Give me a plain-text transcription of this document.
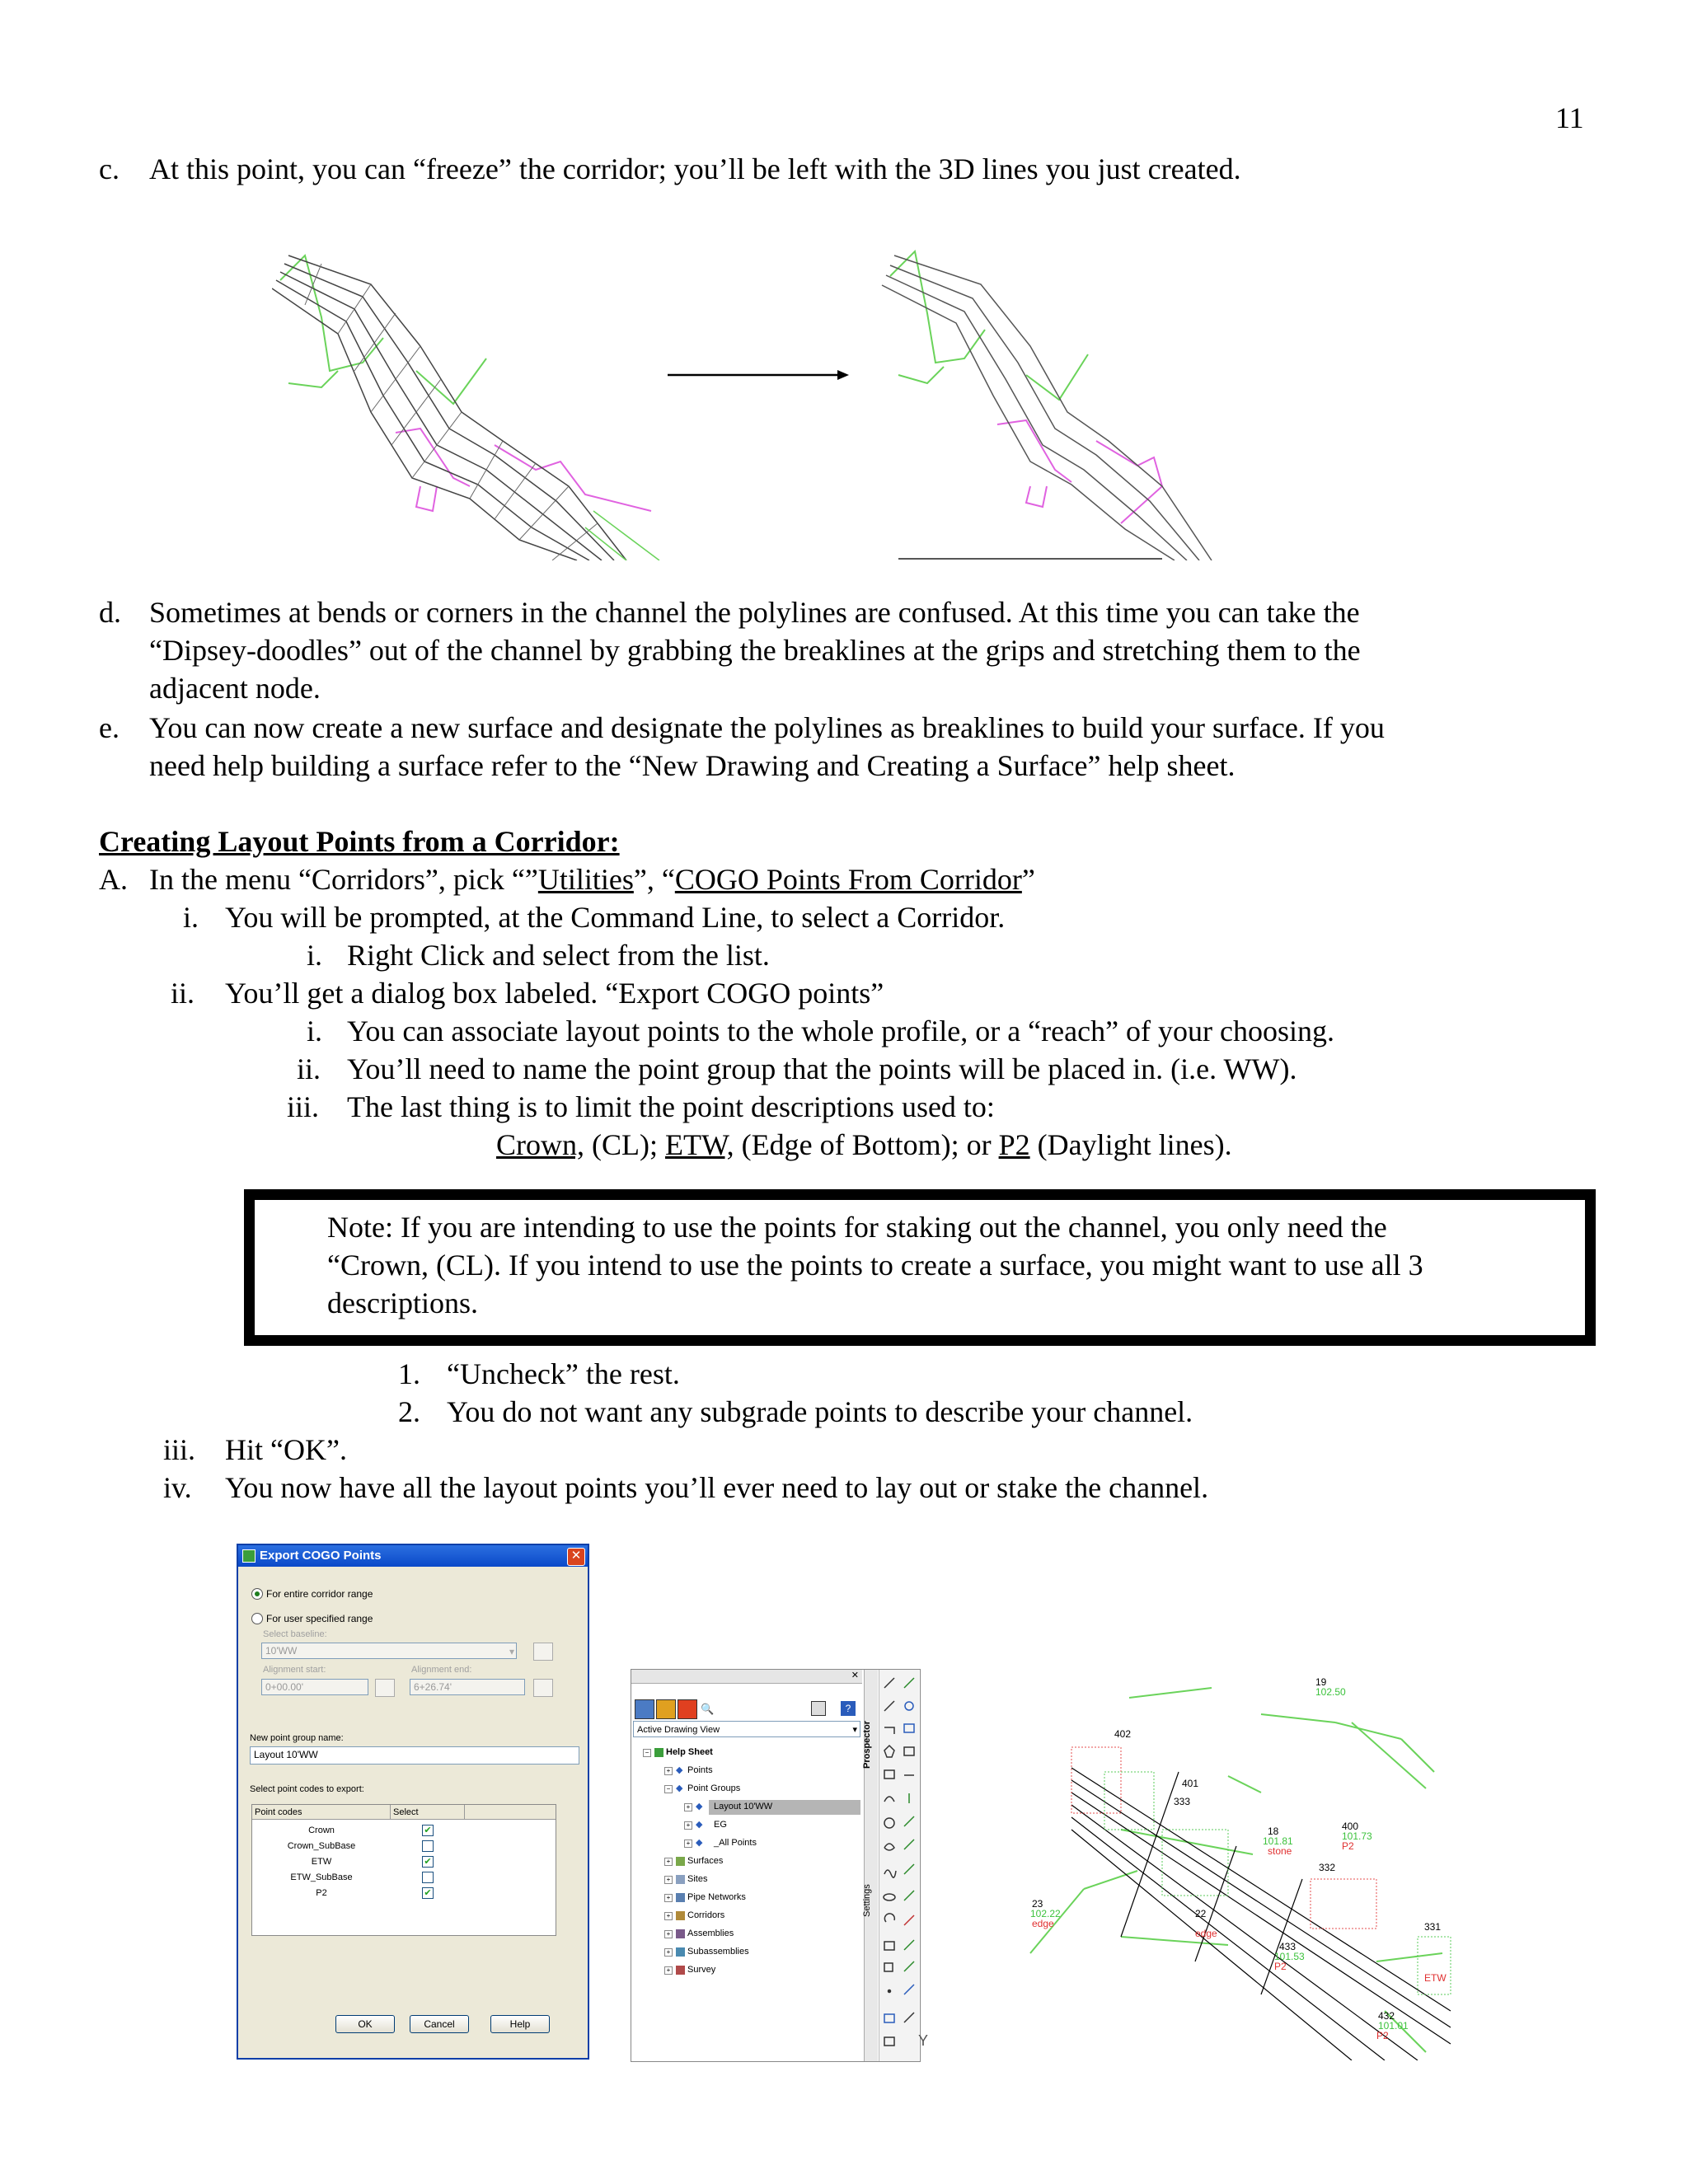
11
c. At this point, you can “freeze” the corridor; you’ll be left with the 3D lines you just created.
d. Sometimes at bends or corners in the channel the polylines are confused. At this time you can take the
“Dipsey-doodles” out of the channel by grabbing the breaklines at the grips and stretching them to the
adjacent node.
e. You can now create a new surface and designate the polylines as breaklines to build your surface. If you
need help building a surface refer to the “New Drawing and Creating a Surface” help sheet.
Creating Layout Points from a Corridor:
A. In the menu “Corridors”, pick “”Utilities”, “COGO Points From Corridor”
i. You will be prompted, at the Command Line, to select a Corridor.
i. Right Click and select from the list.
ii. You’ll get a dialog box labeled. “Export COGO points”
i. You can associate layout points to the whole profile, or a “reach” of your choosing.
ii. You’ll need to name the point group that the points will be placed in. (i.e. WW).
iii. The last thing is to limit the point descriptions used to:
Crown, (CL); ETW, (Edge of Bottom); or P2 (Daylight lines).
Note: If you are intending to use the points for staking out the channel, you only need the
“Crown, (CL). If you intend to use the points to create a surface, you might want to use all 3
descriptions.
1. “Uncheck” the rest.
2. You do not want any subgrade points to describe your channel.
iii. Hit “OK”.
iv. You now have all the layout points you’ll ever need to lay out or stake the channel.
Export COGO Points	✕
For entire corridor range
For user specified range
Select baseline:
10'WW	▾
Alignment start:	Alignment end:
0+00.00'	6+26.74'
New point group name:
Layout 10'WW
Select point codes to export:
Point codes	Select
Crown	✔
Crown_SubBase
ETW	✔
ETW_SubBase
P2	✔
OK	Cancel	Help
✕
🔍	?
Active Drawing View	▾
− Help Sheet
+ ◆ Points
− ◆ Point Groups
+ ◆ Layout 10'WW
+ ◆ EG
+ ◆ _All Points
+ Surfaces
+ Sites
+ Pipe Networks
+ Corridors
+ Assemblies
+ Subassemblies
+ Survey
Prospector
Settings
Y
19
102.50
402
401
333
18
101.81
stone
400
101.73
P2
23
102.22
edge
332
22
edge
433
101.53
P2
331
ETW
432
101.01
P2
